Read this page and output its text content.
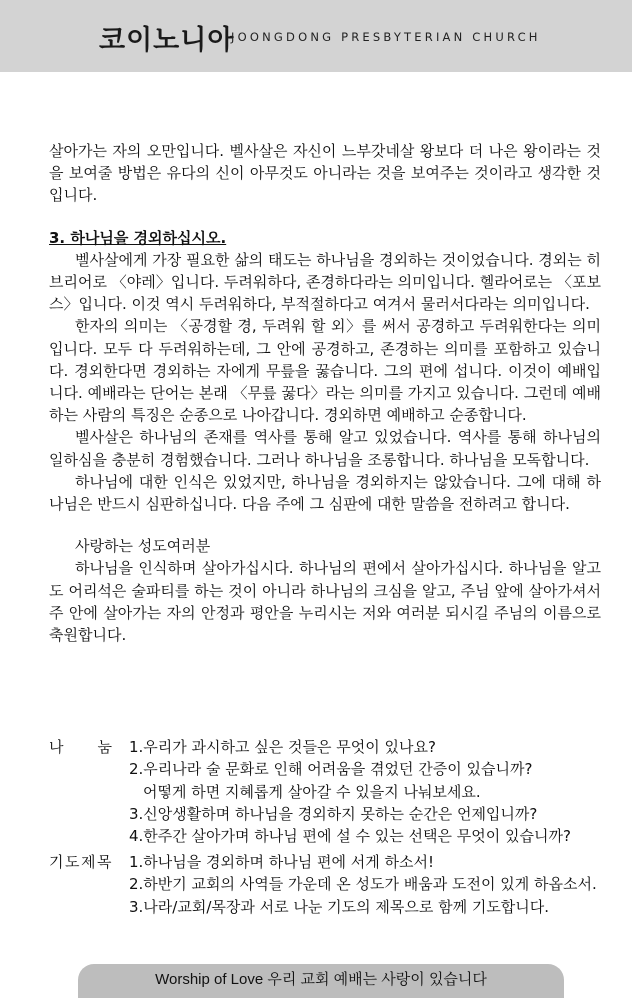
코이노니아
JOONGDONG PRESBYTERIAN CHURCH

살아가는 자의 오만입니다. 벨사살은 자신이 느부갓네살 왕보다 더 나은 왕이라는 것을 보여줄 방법은 유다의 신이 아무것도 아니라는 것을 보여주는 것이라고 생각한 것입니다.

3. 하나님을 경외하십시오.

벨사살에게 가장 필요한 삶의 태도는 하나님을 경외하는 것이었습니다. 경외는 히브리어로 〈야레〉입니다. 두려워하다, 존경하다라는 의미입니다. 헬라어로는 〈포보스〉입니다. 이것 역시 두려워하다, 부적절하다고 여겨서 물러서다라는 의미입니다.

한자의 의미는 〈공경할 경, 두려워 할 외〉를 써서 공경하고 두려워한다는 의미입니다. 모두 다 두려워하는데, 그 안에 공경하고, 존경하는 의미를 포함하고 있습니다. 경외한다면 경외하는 자에게 무릎을 꿇습니다. 그의 편에 섭니다. 이것이 예배입니다. 예배라는 단어는 본래 〈무릎 꿇다〉라는 의미를 가지고 있습니다. 그런데 예배하는 사람의 특징은 순종으로 나아갑니다. 경외하면 예배하고 순종합니다.

벨사살은 하나님의 존재를 역사를 통해 알고 있었습니다. 역사를 통해 하나님의 일하심을 충분히 경험했습니다. 그러나 하나님을 조롱합니다. 하나님을 모독합니다.

하나님에 대한 인식은 있었지만, 하나님을 경외하지는 않았습니다. 그에 대해 하나님은 반드시 심판하십니다. 다음 주에 그 심판에 대한 말씀을 전하려고 합니다.

사랑하는 성도여러분

하나님을 인식하며 살아가십시다. 하나님의 편에서 살아가십시다. 하나님을 알고도 어리석은 술파티를 하는 것이 아니라 하나님의 크심을 알고, 주님 앞에 살아가셔서 주 안에 살아가는 자의 안정과 평안을 누리시는 저와 여러분 되시길 주님의 이름으로 축원합니다.

나 눔 1.우리가 과시하고 싶은 것들은 무엇이 있나요?
2.우리나라 술 문화로 인해 어려움을 겪었던 간증이 있습니까?
어떻게 하면 지혜롭게 살아갈 수 있을지 나눠보세요.
3.신앙생활하며 하나님을 경외하지 못하는 순간은 언제입니까?
4.한주간 살아가며 하나님 편에 설 수 있는 선택은 무엇이 있습니까?
기도제목 1.하나님을 경외하며 하나님 편에 서게 하소서!
2.하반기 교회의 사역들 가운데 온 성도가 배움과 도전이 있게 하옵소서.
3.나라/교회/목장과 서로 나눈 기도의 제목으로 함께 기도합니다.
Worship of Love 우리 교회 예배는 사랑이 있습니다
